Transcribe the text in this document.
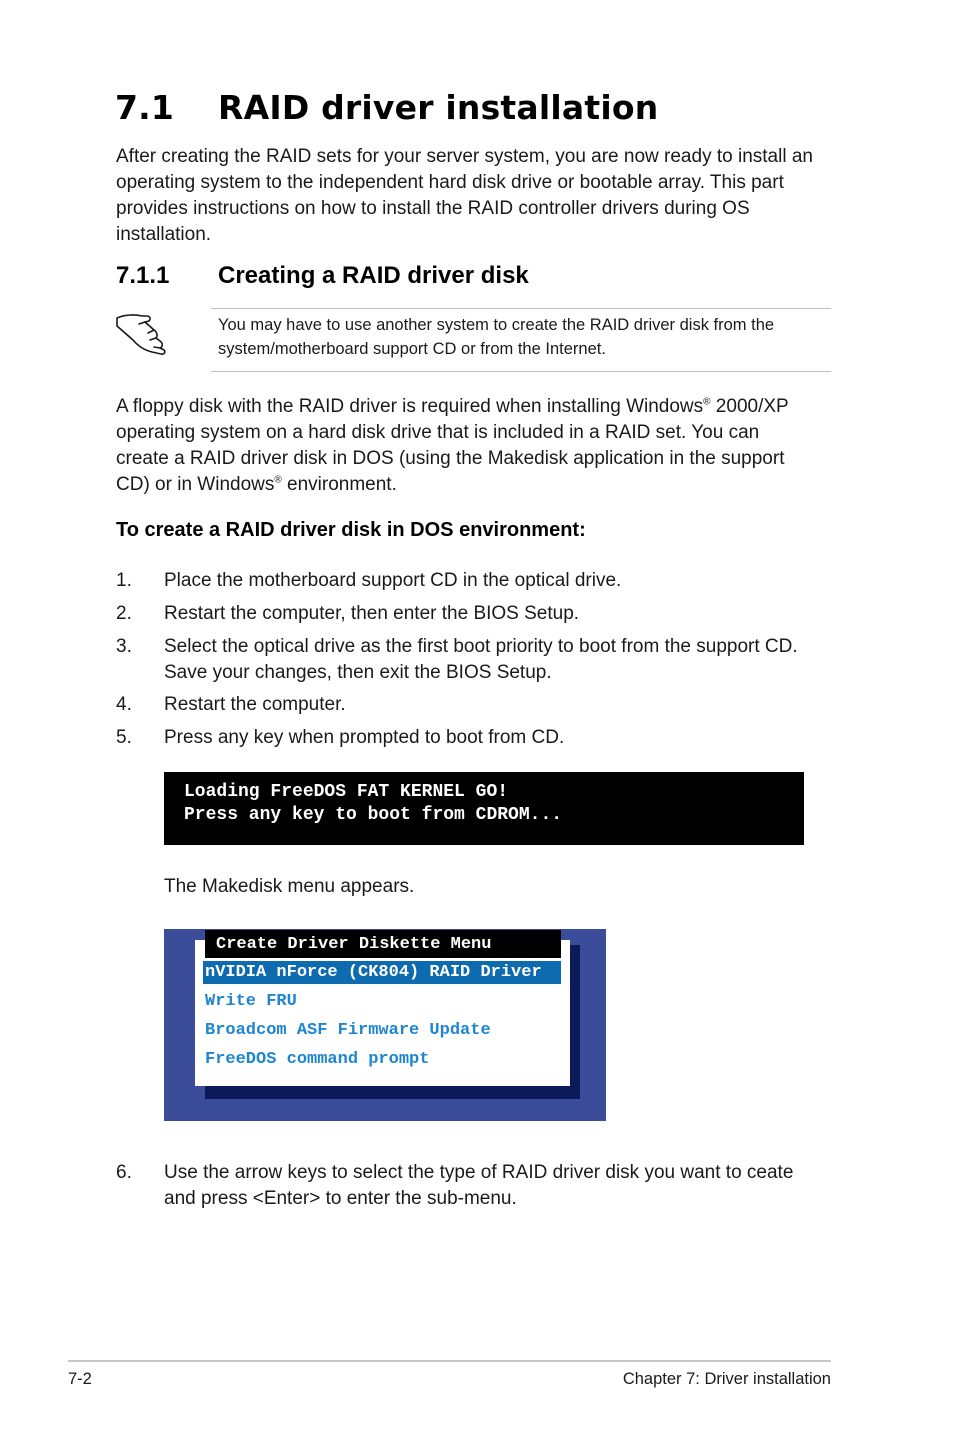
7.1 RAID driver installation
After creating the RAID sets for your server system, you are now ready to install an operating system to the independent hard disk drive or bootable array. This part provides instructions on how to install the RAID controller drivers during OS installation.
7.1.1 Creating a RAID driver disk
You may have to use another system to create the RAID driver disk from the system/motherboard support CD or from the Internet.
A floppy disk with the RAID driver is required when installing Windows® 2000/XP operating system on a hard disk drive that is included in a RAID set. You can create a RAID driver disk in DOS (using the Makedisk application in the support CD) or in Windows® environment.
To create a RAID driver disk in DOS environment:
1. Place the motherboard support CD in the optical drive.
2. Restart the computer, then enter the BIOS Setup.
3. Select the optical drive as the first boot priority to boot from the support CD. Save your changes, then exit the BIOS Setup.
4. Restart the computer.
5. Press any key when prompted to boot from CD.
Loading FreeDOS FAT KERNEL GO!
Press any key to boot from CDROM...
The Makedisk menu appears.
Create Driver Diskette Menu
nVIDIA nForce (CK804) RAID Driver
Write FRU
Broadcom ASF Firmware Update
FreeDOS command prompt
6. Use the arrow keys to select the type of RAID driver disk you want to ceate and press <Enter> to enter the sub-menu.
7-2	Chapter 7: Driver installation
